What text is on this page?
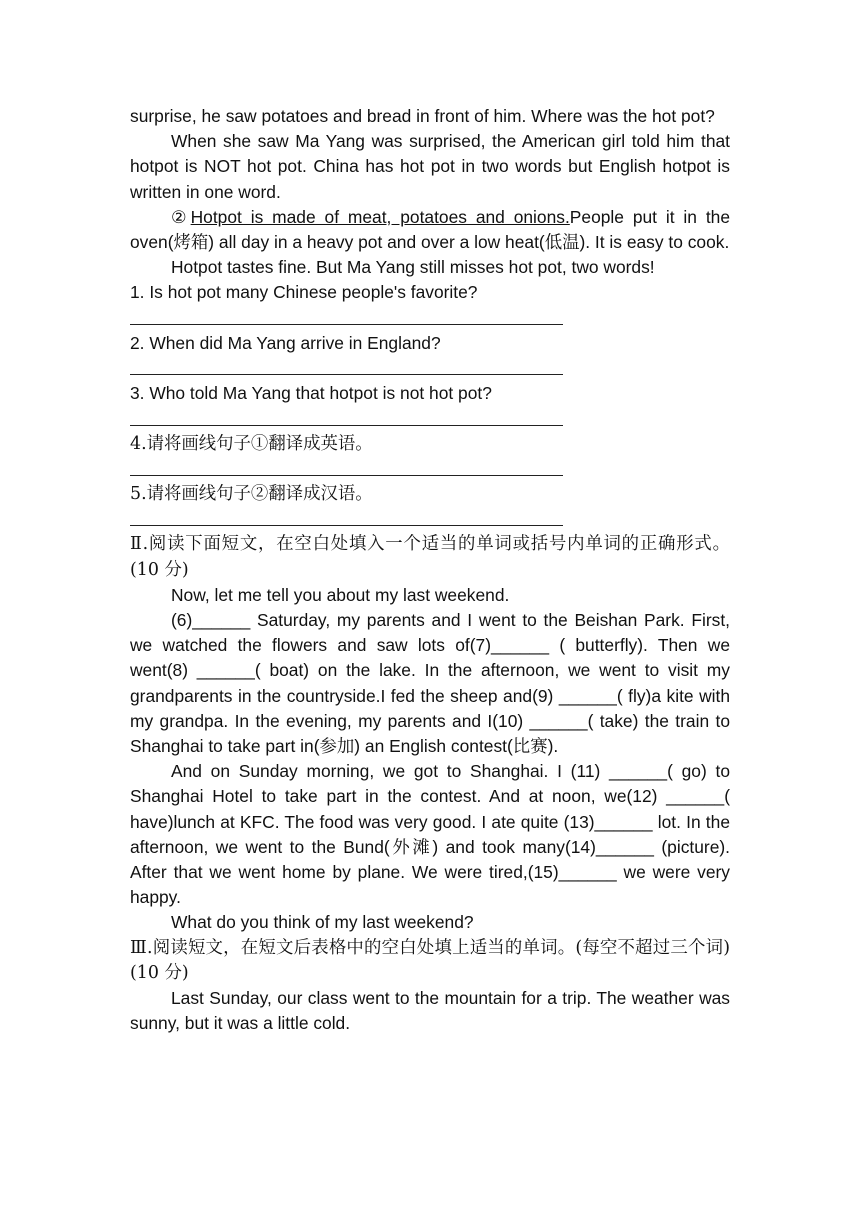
surprise, he saw potatoes and bread in front of him. Where was the hot pot?

When she saw Ma Yang was surprised, the American girl told him that hotpot is NOT hot pot. China has hot pot in two words but English hotpot is written in one word.

②Hotpot is made of meat, potatoes and onions.People put it in the oven(烤箱) all day in a heavy pot and over a low heat(低温). It is easy to cook.

Hotpot tastes fine. But Ma Yang still misses hot pot, two words!

1. Is hot pot many Chinese people's favorite?

2. When did Ma Yang arrive in England?

3. Who told Ma Yang that hotpot is not hot pot?

4.请将画线句子①翻译成英语。

5.请将画线句子②翻译成汉语。

Ⅱ.阅读下面短文，在空白处填入一个适当的单词或括号内单词的正确形式。(10 分)

Now, let me tell you about my last weekend.

(6)______ Saturday, my parents and I went to the Beishan Park. First, we watched the flowers and saw lots of(7)______ ( butterfly). Then we went(8) ______( boat) on the lake. In the afternoon, we went to visit my grandparents in the countryside.I fed the sheep and(9) ______( fly)a kite with my grandpa. In the evening, my parents and I(10) ______( take) the train to Shanghai to take part in(参加) an English contest(比赛).

And on Sunday morning, we got to Shanghai. I (11) ______( go) to Shanghai Hotel to take part in the contest. And at noon, we(12) ______( have)lunch at KFC. The food was very good. I ate quite (13)______ lot. In the afternoon, we went to the Bund(外滩) and took many(14)______ (picture). After that we went home by plane. We were tired,(15)______ we were very happy.

What do you think of my last weekend?

Ⅲ.阅读短文，在短文后表格中的空白处填上适当的单词。(每空不超过三个词)(10 分)

Last Sunday, our class went to the mountain for a trip. The weather was sunny, but it was a little cold.
